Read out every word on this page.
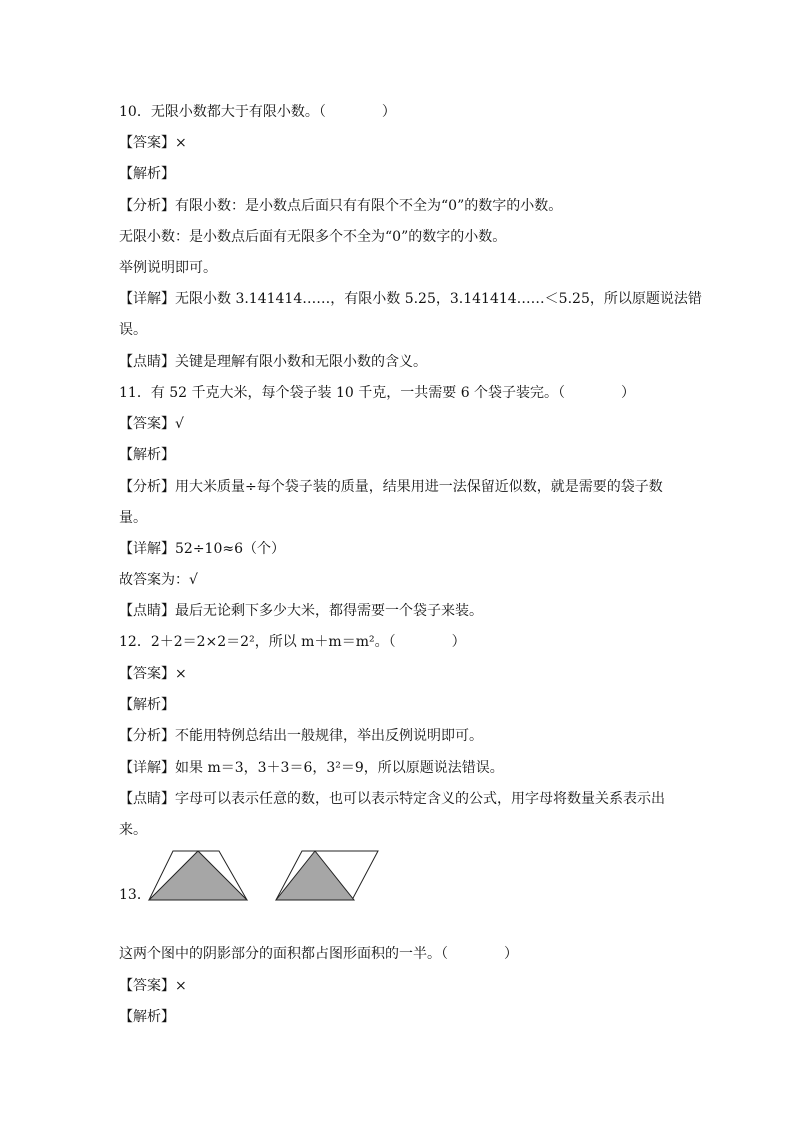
10．无限小数都大于有限小数。（　　　　）
【答案】×
【解析】
【分析】有限小数：是小数点后面只有有限个不全为“0”的数字的小数。
无限小数：是小数点后面有无限多个不全为“0”的数字的小数。
举例说明即可。
【详解】无限小数 3.141414……，有限小数 5.25，3.141414……＜5.25，所以原题说法错
误。
【点睛】关键是理解有限小数和无限小数的含义。
11．有 52 千克大米，每个袋子装 10 千克，一共需要 6 个袋子装完。（　　　　）
【答案】√
【解析】
【分析】用大米质量÷每个袋子装的质量，结果用进一法保留近似数，就是需要的袋子数
量。
【详解】52÷10≈6（个）
故答案为：√
【点睛】最后无论剩下多少大米，都得需要一个袋子来装。
12．2＋2＝2×2＝2²，所以 m＋m＝m²。（　　　　）
【答案】×
【解析】
【分析】不能用特例总结出一般规律，举出反例说明即可。
【详解】如果 m＝3，3＋3＝6，3²＝9，所以原题说法错误。
【点睛】字母可以表示任意的数，也可以表示特定含义的公式，用字母将数量关系表示出
来。
13．
这两个图中的阴影部分的面积都占图形面积的一半。（　　　　）
【答案】×
【解析】
